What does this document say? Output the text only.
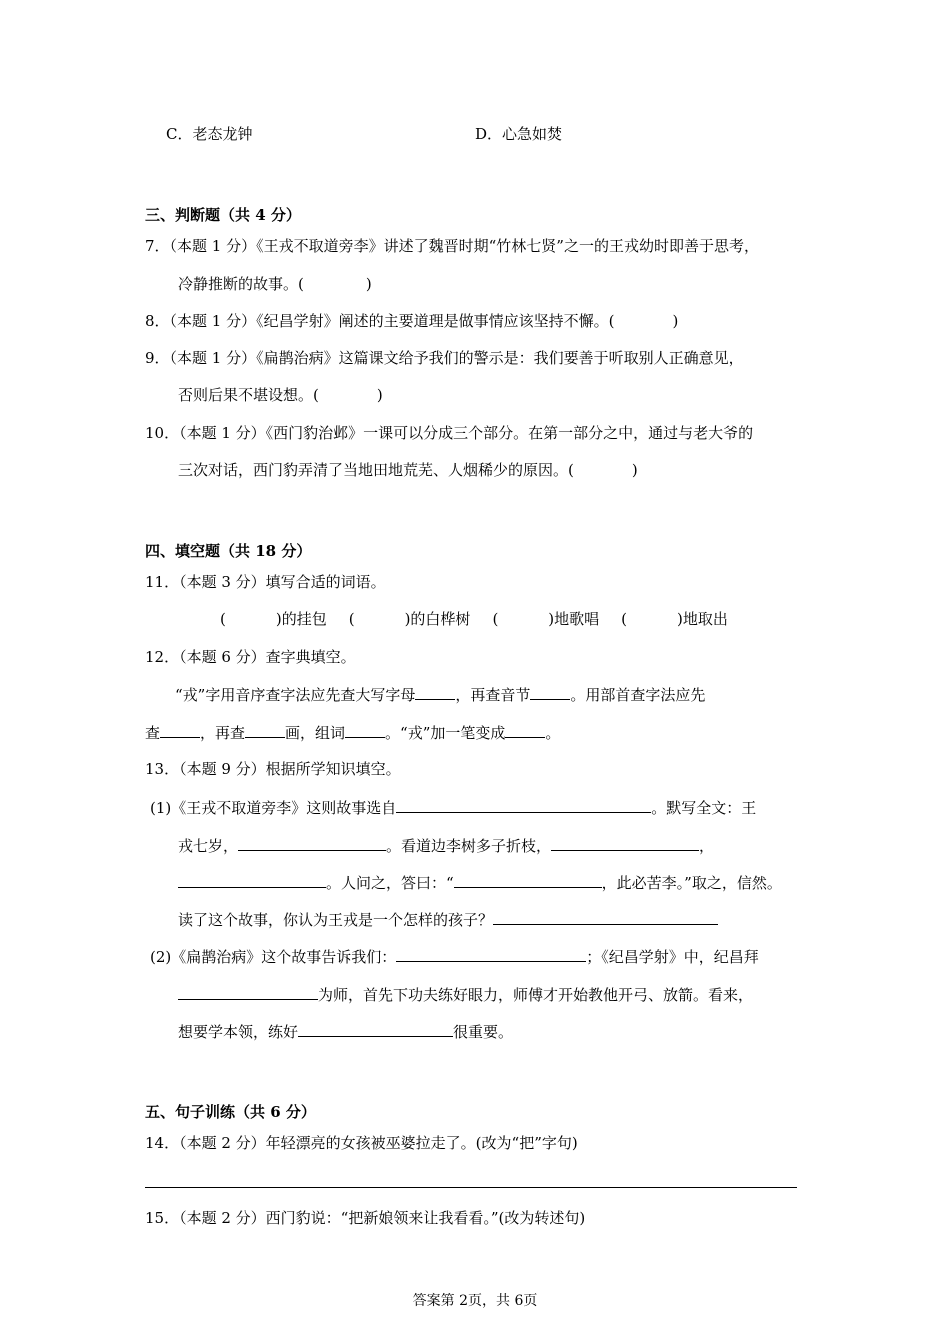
C．老态龙钟	D．心急如焚
三、判断题（共 4 分）
7．（本题 1 分）《王戎不取道旁李》讲述了魏晋时期“竹林七贤”之一的王戎幼时即善于思考，
冷静推断的故事。(	)
8．（本题 1 分）《纪昌学射》阐述的主要道理是做事情应该坚持不懈。(	)
9．（本题 1 分）《扁鹊治病》这篇课文给予我们的警示是：我们要善于听取别人正确意见，
否则后果不堪设想。(	)
10．（本题 1 分）《西门豹治邺》一课可以分成三个部分。在第一部分之中，通过与老大爷的
三次对话，西门豹弄清了当地田地荒芜、人烟稀少的原因。(	)
四、填空题（共 18 分）
11．（本题 3 分）填写合适的词语。
(	)的挂包 (	)的白桦树 (	)地歌唱 (	)地取出
12．（本题 6 分）查字典填空。
“戎”字用音序查字法应先查大写字母	，再查音节	。用部首查字法应先
查	，再查	画，组词	。“戎”加一笔变成	。
13．（本题 9 分）根据所学知识填空。
(1)《王戎不取道旁李》这则故事选自	。默写全文：王
戎七岁，	。看道边李树多子折枝，	，
。人问之，答曰：“	，此必苦李。”取之，信然。
读了这个故事，你认为王戎是一个怎样的孩子？
(2)《扁鹊治病》这个故事告诉我们：	；《纪昌学射》中，纪昌拜
为师，首先下功夫练好眼力，师傅才开始教他开弓、放箭。看来，
想要学本领，练好	很重要。
五、句子训练（共 6 分）
14．（本题 2 分）年轻漂亮的女孩被巫婆拉走了。(改为“把”字句)
15．（本题 2 分）西门豹说：“把新娘领来让我看看。”(改为转述句)
答案第 2页，共 6页
